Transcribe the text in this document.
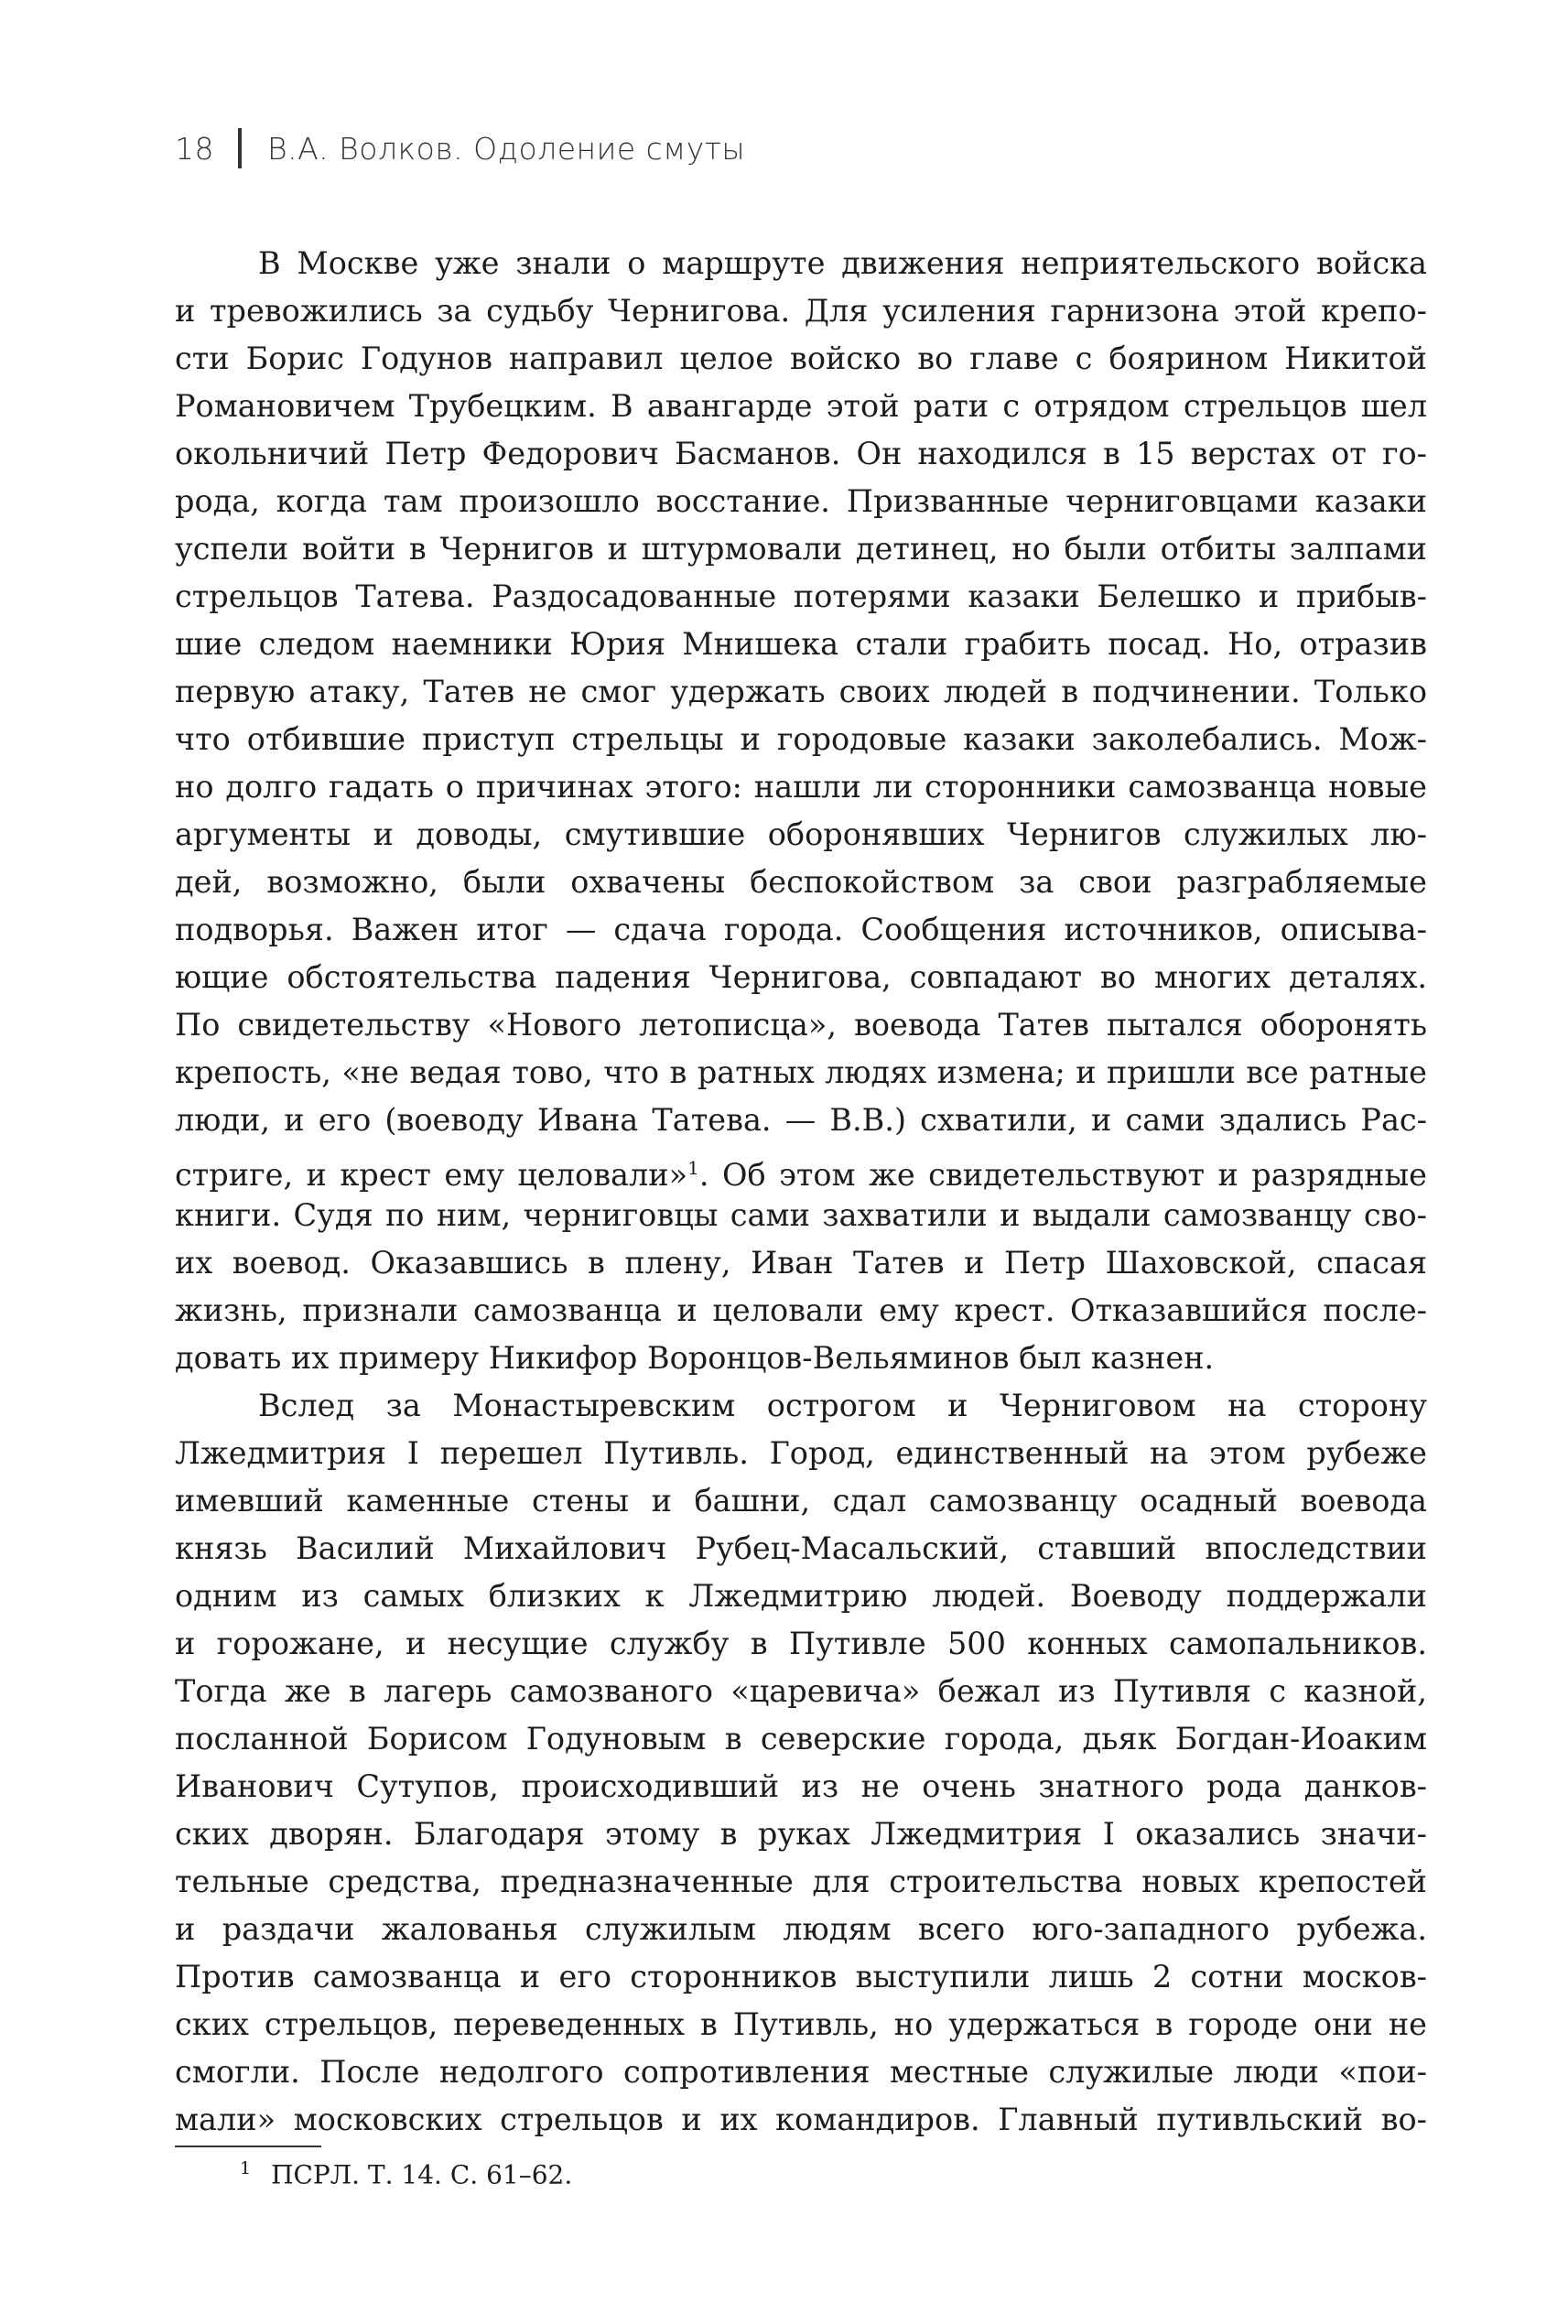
18 В.А. Волков. Одоление смуты
В Москве уже знали о маршруте движения неприятельского войска
и тревожились за судьбу Чернигова. Для усиления гарнизона этой крепо-
сти Борис Годунов направил целое войско во главе с боярином Никитой
Романовичем Трубецким. В авангарде этой рати с отрядом стрельцов шел
окольничий Петр Федорович Басманов. Он находился в 15 верстах от го-
рода, когда там произошло восстание. Призванные черниговцами казаки
успели войти в Чернигов и штурмовали детинец, но были отбиты залпами
стрельцов Татева. Раздосадованные потерями казаки Белешко и прибыв-
шие следом наемники Юрия Мнишека стали грабить посад. Но, отразив
первую атаку, Татев не смог удержать своих людей в подчинении. Только
что отбившие приступ стрельцы и городовые казаки заколебались. Мож-
но долго гадать о причинах этого: нашли ли сторонники самозванца новые
аргументы и доводы, смутившие оборонявших Чернигов служилых лю-
дей, возможно, были охвачены беспокойством за свои разграбляемые
подворья. Важен итог — сдача города. Сообщения источников, описыва-
ющие обстоятельства падения Чернигова, совпадают во многих деталях.
По свидетельству «Нового летописца», воевода Татев пытался оборонять
крепость, «не ведая тово, что в ратных людях измена; и пришли все ратные
люди, и его (воеводу Ивана Татева. — В.В.) схватили, и сами здались Рас-
стриге, и крест ему целовали»$^1$. Об этом же свидетельствуют и разрядные
книги. Судя по ним, черниговцы сами захватили и выдали самозванцу сво-
их воевод. Оказавшись в плену, Иван Татев и Петр Шаховской, спасая
жизнь, признали самозванца и целовали ему крест. Отказавшийся после-
довать их примеру Никифор Воронцов-Вельяминов был казнен.
Вслед за Монастыревским острогом и Черниговом на сторону
Лжедмитрия I перешел Путивль. Город, единственный на этом рубеже
имевший каменные стены и башни, сдал самозванцу осадный воевода
князь Василий Михайлович Рубец-Масальский, ставший впоследствии
одним из самых близких к Лжедмитрию людей. Воеводу поддержали
и горожане, и несущие службу в Путивле 500 конных самопальников.
Тогда же в лагерь самозваного «царевича» бежал из Путивля с казной,
посланной Борисом Годуновым в северские города, дьяк Богдан-Иоаким
Иванович Сутупов, происходивший из не очень знатного рода данков-
ских дворян. Благодаря этому в руках Лжедмитрия I оказались значи-
тельные средства, предназначенные для строительства новых крепостей
и раздачи жалованья служилым людям всего юго-западного рубежа.
Против самозванца и его сторонников выступили лишь 2 сотни москов-
ских стрельцов, переведенных в Путивль, но удержаться в городе они не
смогли. После недолгого сопротивления местные служилые люди «пои-
мали» московских стрельцов и их командиров. Главный путивльский во-
$^1$ ПСРЛ. Т. 14. С. 61–62.
